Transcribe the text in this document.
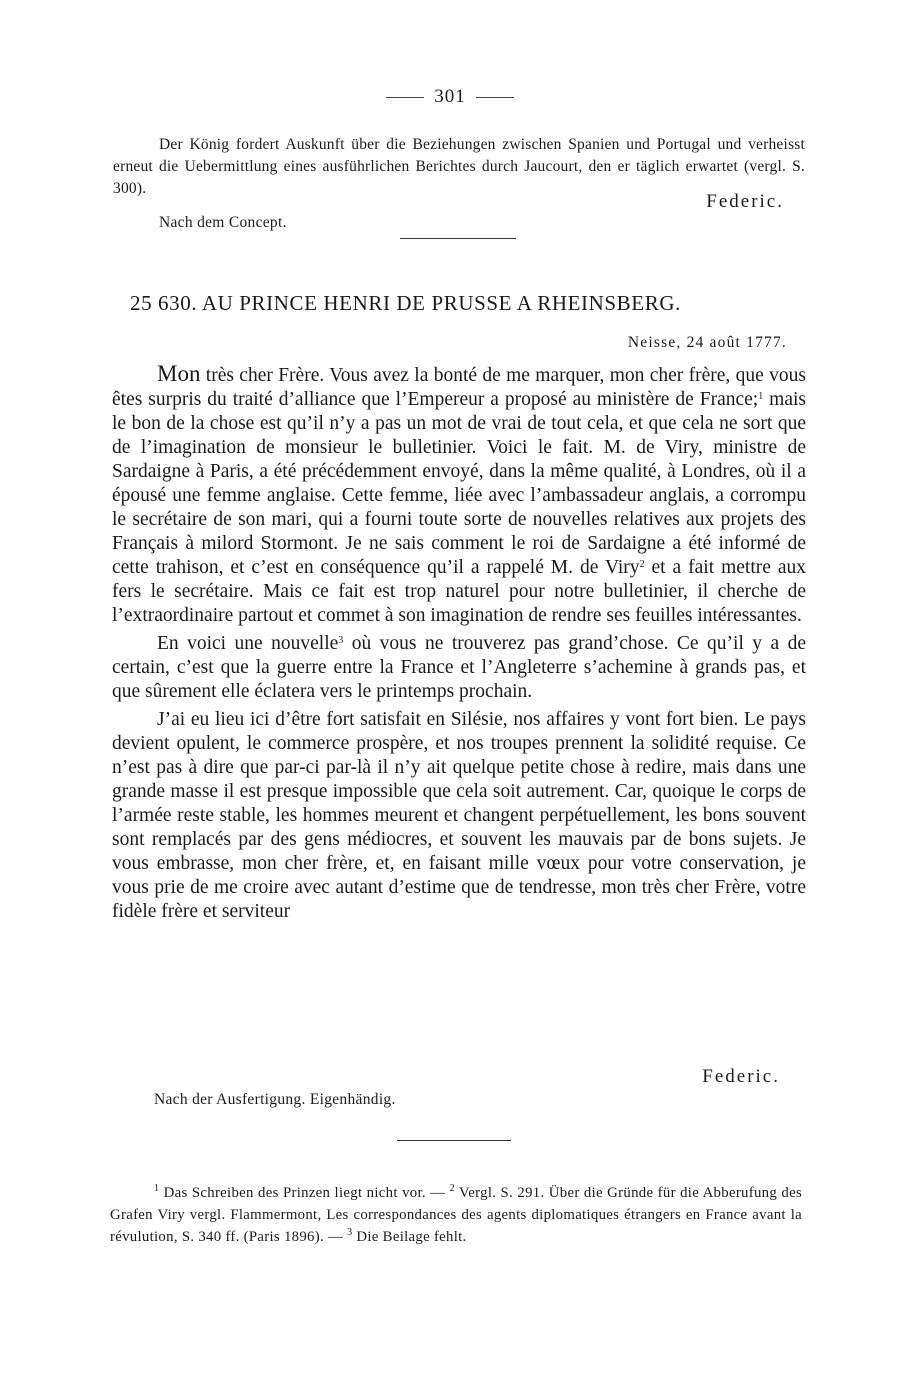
301
Der König fordert Auskunft über die Beziehungen zwischen Spanien und Portugal und verheisst erneut die Uebermittlung eines ausführlichen Berichtes durch Jaucourt, den er täglich erwartet (vergl. S. 300).
Federic.
Nach dem Concept.
25 630. AU PRINCE HENRI DE PRUSSE A RHEINSBERG.
Neisse, 24 août 1777.

Mon très cher Frère. Vous avez la bonté de me marquer, mon cher frère, que vous êtes surpris du traité d’alliance que l’Empereur a proposé au ministère de France;$^1$ mais le bon de la chose est qu’il n’y a pas un mot de vrai de tout cela, et que cela ne sort que de l’imagination de monsieur le bulletinier. Voici le fait. M. de Viry, ministre de Sardaigne à Paris, a été précédemment envoyé, dans la même qualité, à Londres, où il a épousé une femme anglaise. Cette femme, liée avec l’ambassadeur anglais, a corrompu le secrétaire de son mari, qui a fourni toute sorte de nouvelles relatives aux projets des Français à milord Stormont. Je ne sais comment le roi de Sardaigne a été informé de cette trahison, et c’est en conséquence qu’il a rappelé M. de Viry$^2$ et a fait mettre aux fers le secrétaire. Mais ce fait est trop naturel pour notre bulletinier, il cherche de l’extraordinaire partout et commet à son imagination de rendre ses feuilles intéressantes.

En voici une nouvelle$^3$ où vous ne trouverez pas grand’chose. Ce qu’il y a de certain, c’est que la guerre entre la France et l’Angleterre s’achemine à grands pas, et que sûrement elle éclatera vers le printemps prochain.

J’ai eu lieu ici d’être fort satisfait en Silésie, nos affaires y vont fort bien. Le pays devient opulent, le commerce prospère, et nos troupes prennent la solidité requise. Ce n’est pas à dire que par-ci par-là il n’y ait quelque petite chose à redire, mais dans une grande masse il est presque impossible que cela soit autrement. Car, quoique le corps de l’armée reste stable, les hommes meurent et changent perpétuellement, les bons souvent sont remplacés par des gens médiocres, et souvent les mauvais par de bons sujets. Je vous embrasse, mon cher frère, et, en faisant mille vœux pour votre conservation, je vous prie de me croire avec autant d’estime que de tendresse, mon très cher Frère, votre fidèle frère et serviteur

Federic.
Nach der Ausfertigung. Eigenhändig.
$^1$ Das Schreiben des Prinzen liegt nicht vor. — $^2$ Vergl. S. 291. Über die Gründe für die Abberufung des Grafen Viry vergl. Flammermont, Les correspondances des agents diplomatiques étrangers en France avant la révulution, S. 340 ff. (Paris 1896). — $^3$ Die Beilage fehlt.
